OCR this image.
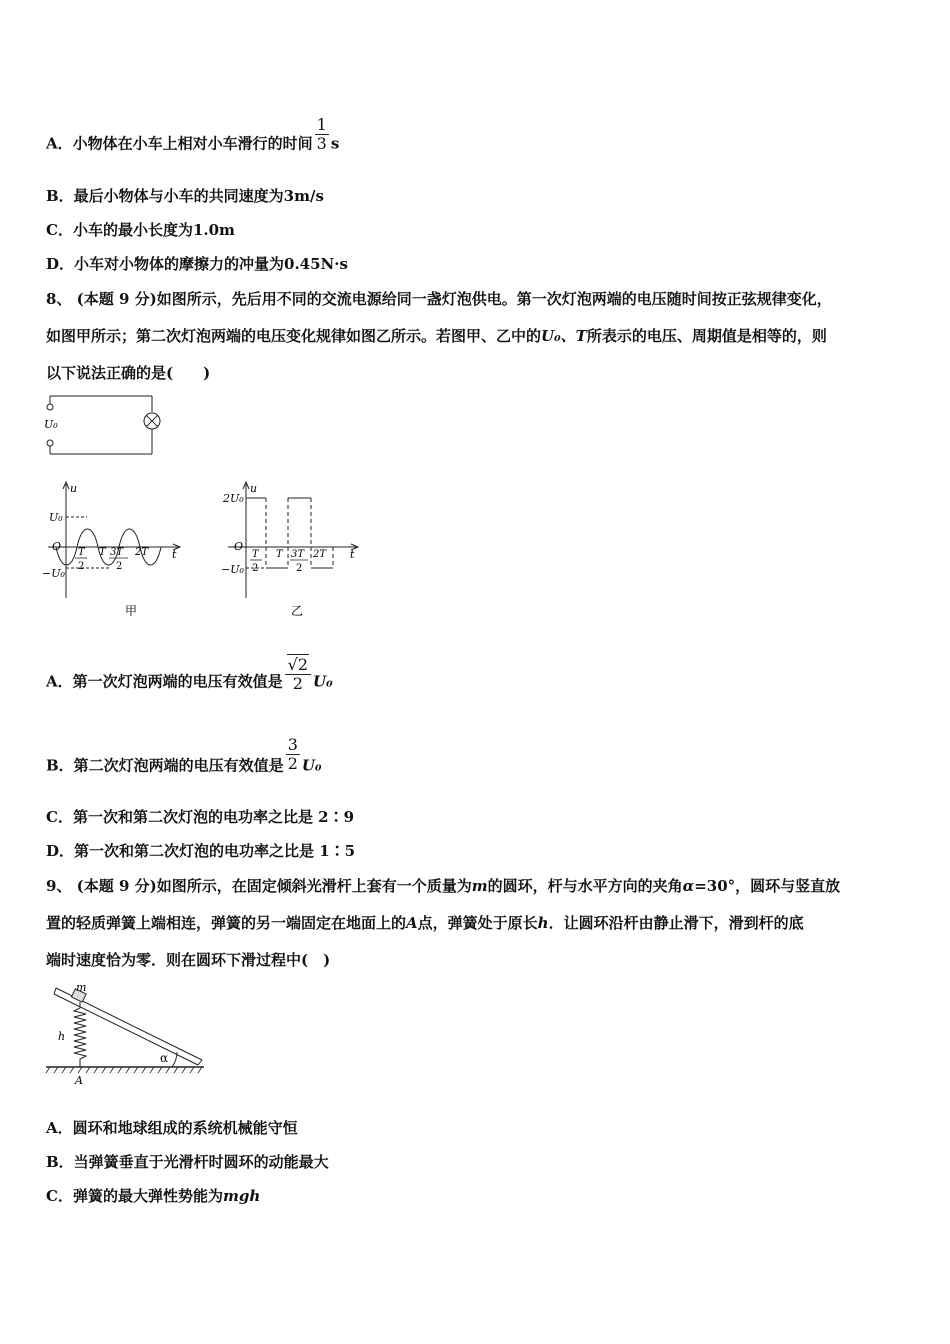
A．小物体在小车上相对小车滑行的时间 $\frac{1}{3}$ s
B．最后小物体与小车的共同速度为3m/s
C．小车的最小长度为1.0m
D．小车对小物体的摩擦力的冲量为0.45N·s
8、 (本题 9 分)如图所示，先后用不同的交流电源给同一盏灯泡供电。第一次灯泡两端的电压随时间按正弦规律变化，
如图甲所示；第二次灯泡两端的电压变化规律如图乙所示。若图甲、乙中的U₀、T所表示的电压、周期值是相等的，则
以下说法正确的是(　　)
U₀
u
t
O
U₀
−U₀
T
2
T 3T
2
2T
甲
u
t
O
2U₀
−U₀
T
2
T 3T
2
2T
乙
A．第一次灯泡两端的电压有效值是 $\frac{√2}{2} U_0$
B．第二次灯泡两端的电压有效值是 $\frac{3}{2} U_0$
C．第一次和第二次灯泡的电功率之比是 2∶9
D．第一次和第二次灯泡的电功率之比是 1∶5
9、 (本题 9 分)如图所示，在固定倾斜光滑杆上套有一个质量为m的圆环，杆与水平方向的夹角α=30°，圆环与竖直放
置的轻质弹簧上端相连，弹簧的另一端固定在地面上的A点，弹簧处于原长h．让圆环沿杆由静止滑下，滑到杆的底
端时速度恰为零．则在圆环下滑过程中(　)
m
h
α
A
A．圆环和地球组成的系统机械能守恒
B．当弹簧垂直于光滑杆时圆环的动能最大
C．弹簧的最大弹性势能为mgh
